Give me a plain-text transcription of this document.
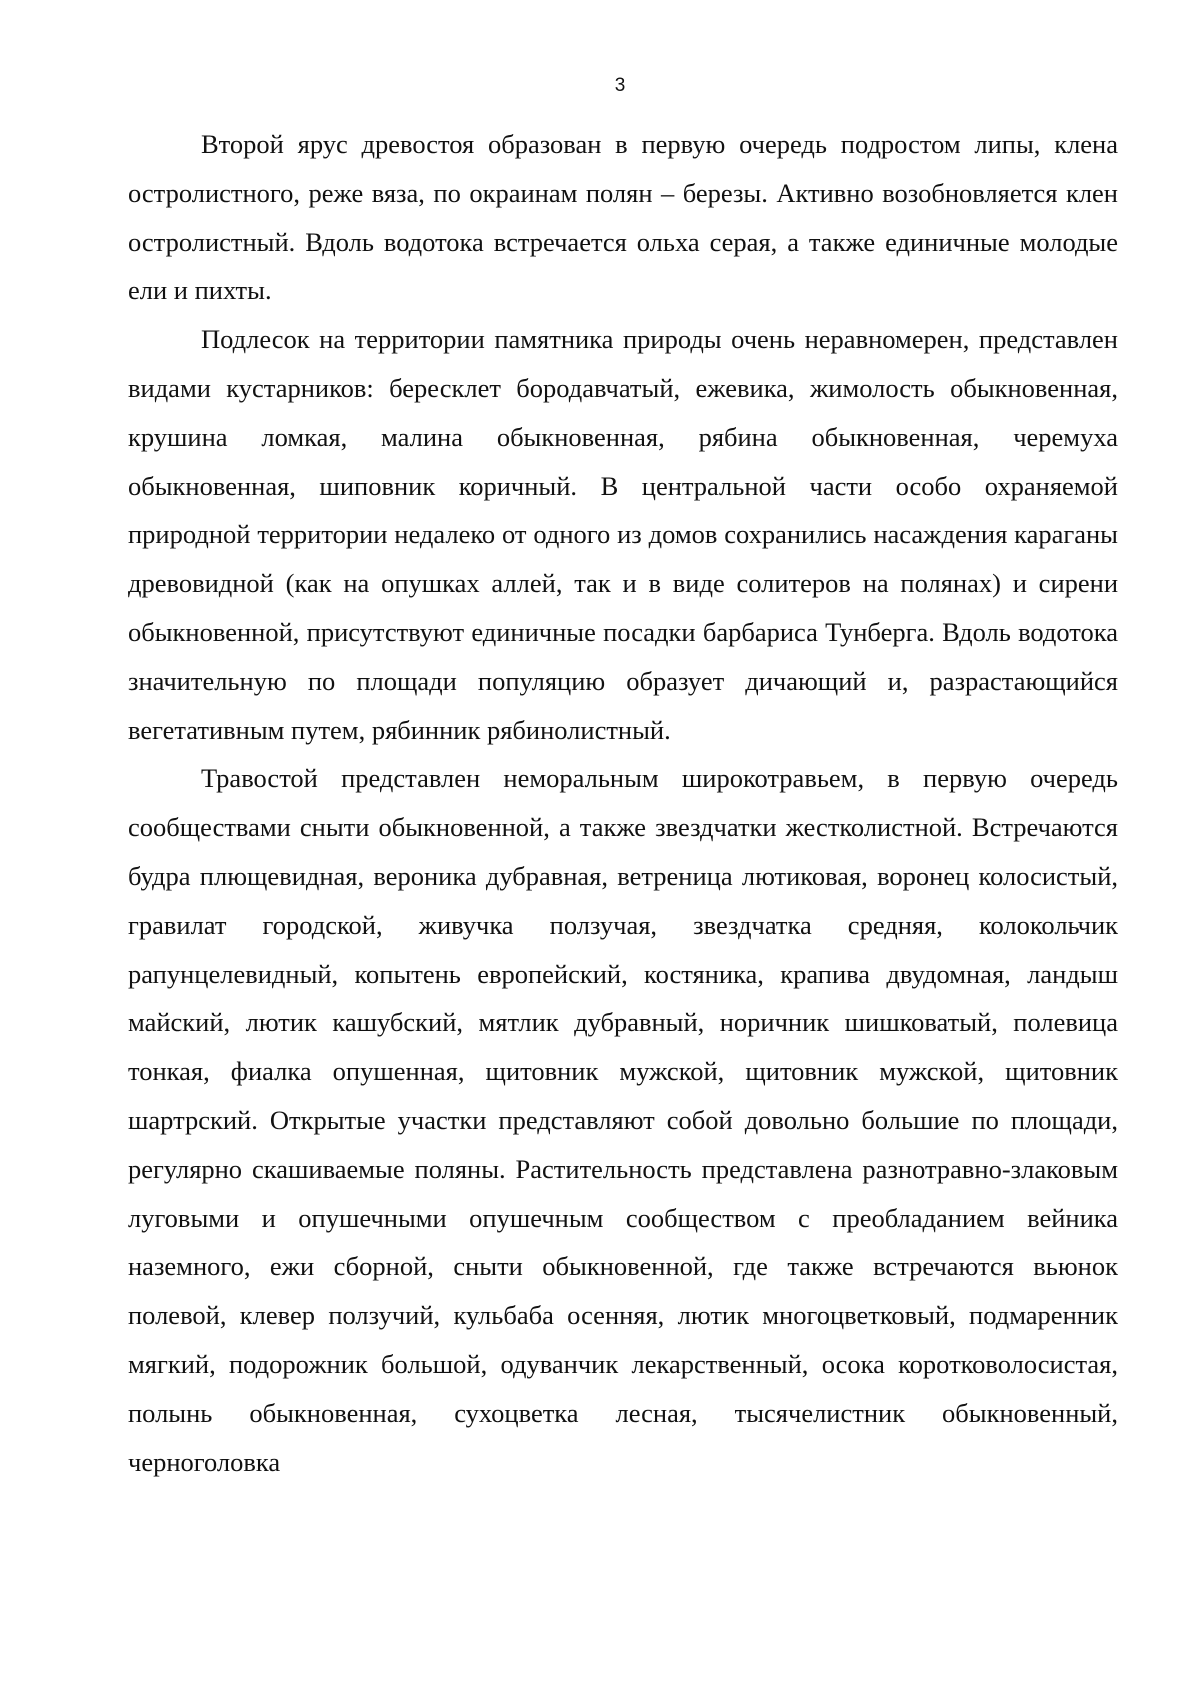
3

Второй ярус древостоя образован в первую очередь подростом липы, клена остролистного, реже вяза, по окраинам полян – березы. Активно возобновляется клен остролистный. Вдоль водотока встречается ольха серая, а также единичные молодые ели и пихты.

Подлесок на территории памятника природы очень неравномерен, представлен видами кустарников: бересклет бородавчатый, ежевика, жимолость обыкновенная, крушина ломкая, малина обыкновенная, рябина обыкновенная, черемуха обыкновенная, шиповник коричный. В центральной части особо охраняемой природной территории недалеко от одного из домов сохранились насаждения караганы древовидной (как на опушках аллей, так и в виде солитеров на полянах) и сирени обыкновенной, присутствуют единичные посадки барбариса Тунберга. Вдоль водотока значительную по площади популяцию образует дичающий и, разрастающийся вегетативным путем, рябинник рябинолистный.

Травостой представлен неморальным широкотравьем, в первую очередь сообществами сныти обыкновенной, а также звездчатки жестколистной. Встречаются будра плющевидная, вероника дубравная, ветреница лютиковая, воронец колосистый, гравилат городской, живучка ползучая, звездчатка средняя, колокольчик рапунцелевидный, копытень европейский, костяника, крапива двудомная, ландыш майский, лютик кашубский, мятлик дубравный, норичник шишковатый, полевица тонкая, фиалка опушенная, щитовник мужской, щитовник мужской, щитовник шартрский. Открытые участки представляют собой довольно большие по площади, регулярно скашиваемые поляны. Растительность представлена разнотравно-злаковым луговыми и опушечными опушечным сообществом с преобладанием вейника наземного, ежи сборной, сныти обыкновенной, где также встречаются вьюнок полевой, клевер ползучий, кульбаба осенняя, лютик многоцветковый, подмаренник мягкий, подорожник большой, одуванчик лекарственный, осока коротковолосистая, полынь обыкновенная, сухоцветка лесная, тысячелистник обыкновенный, черноголовка
